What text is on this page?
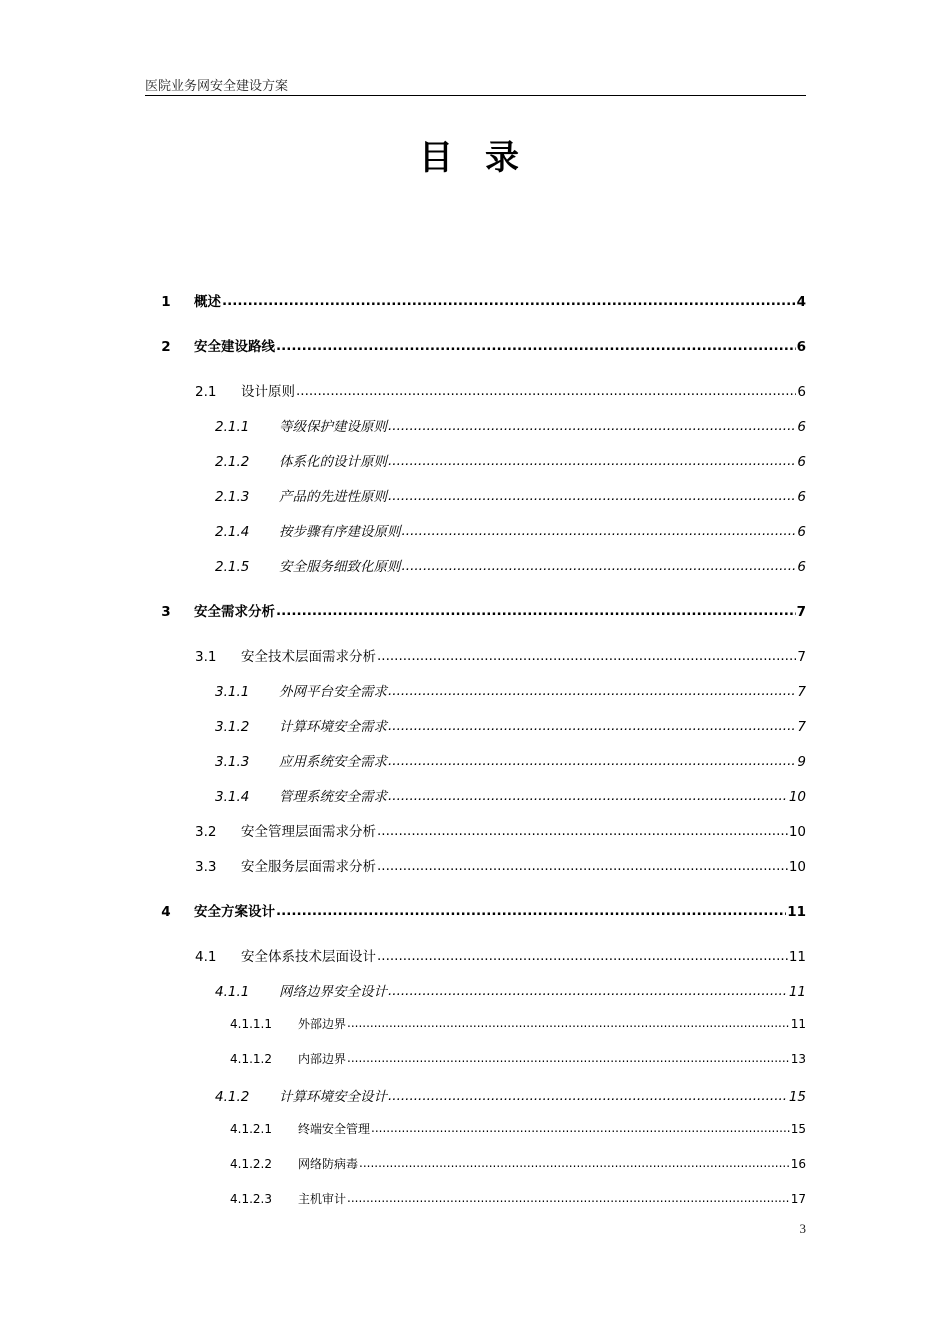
医院业务网安全建设方案
目录
1	概述 .....	4
2	安全建设路线 .....	6
2.1	设计原则 .....	6
2.1.1	等级保护建设原则 .....	6
2.1.2	体系化的设计原则 .....	6
2.1.3	产品的先进性原则 .....	6
2.1.4	按步骤有序建设原则 .....	6
2.1.5	安全服务细致化原则 .....	6
3	安全需求分析 .....	7
3.1	安全技术层面需求分析 .....	7
3.1.1	外网平台安全需求 .....	7
3.1.2	计算环境安全需求 .....	7
3.1.3	应用系统安全需求 .....	9
3.1.4	管理系统安全需求 .....	10
3.2	安全管理层面需求分析 .....	10
3.3	安全服务层面需求分析 .....	10
4	安全方案设计 .....	11
4.1	安全体系技术层面设计 .....	11
4.1.1	网络边界安全设计 .....	11
4.1.1.1	外部边界 .....	11
4.1.1.2	内部边界 .....	13
4.1.2	计算环境安全设计 .....	15
4.1.2.1	终端安全管理 .....	15
4.1.2.2	网络防病毒 .....	16
4.1.2.3	主机审计 .....	17
3
